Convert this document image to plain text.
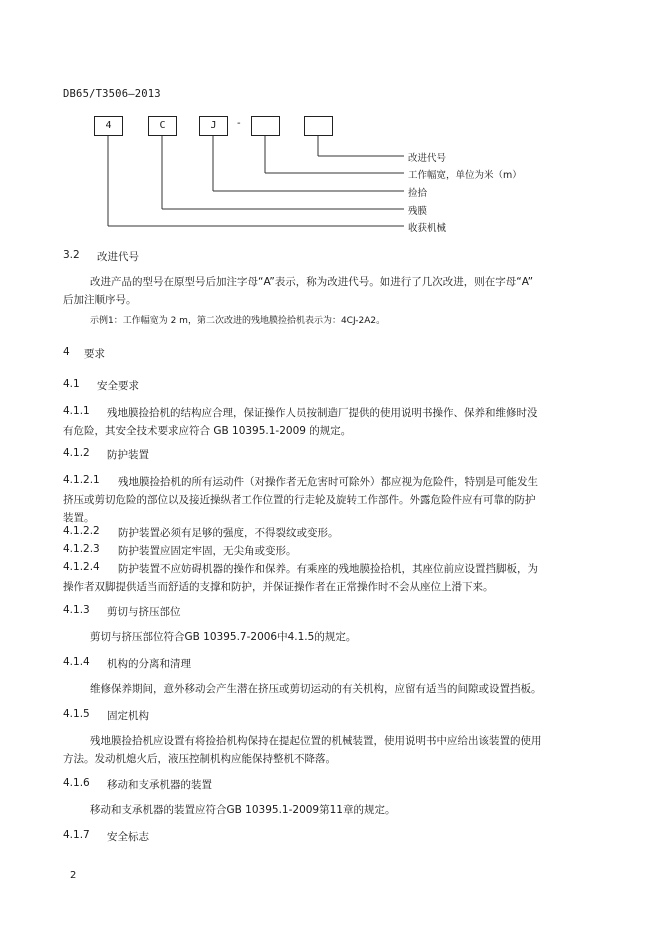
DB65/T3506—2013
4	C	J	-
改进代号
工作幅宽，单位为米（m）
捡拾
残膜
收获机械
3.2 改进代号
改进产品的型号在原型号后加注字母“A”表示，称为改进代号。如进行了几次改进，则在字母“A”
后加注顺序号。
示例1：工作幅宽为 2 m，第二次改进的残地膜捡拾机表示为：4CJ-2A2。
4 要求
4.1 安全要求
4.1.1 残地膜捡拾机的结构应合理，保证操作人员按制造厂提供的使用说明书操作、保养和维修时没
有危险，其安全技术要求应符合 GB 10395.1-2009 的规定。
4.1.2 防护装置
4.1.2.1 残地膜捡拾机的所有运动件（对操作者无危害时可除外）都应视为危险件，特别是可能发生
挤压或剪切危险的部位以及接近操纵者工作位置的行走轮及旋转工作部件。外露危险件应有可靠的防护
装置。
4.1.2.2 防护装置必须有足够的强度，不得裂纹或变形。
4.1.2.3 防护装置应固定牢固，无尖角或变形。
4.1.2.4 防护装置不应妨碍机器的操作和保养。有乘座的残地膜捡拾机，其座位前应设置挡脚板，为
操作者双脚提供适当而舒适的支撑和防护，并保证操作者在正常操作时不会从座位上滑下来。
4.1.3 剪切与挤压部位
剪切与挤压部位符合GB 10395.7-2006中4.1.5的规定。
4.1.4 机构的分离和清理
维修保养期间，意外移动会产生潜在挤压或剪切运动的有关机构，应留有适当的间隙或设置挡板。
4.1.5 固定机构
残地膜捡拾机应设置有将捡拾机构保持在提起位置的机械装置，使用说明书中应给出该装置的使用
方法。发动机熄火后，液压控制机构应能保持整机不降落。
4.1.6 移动和支承机器的装置
移动和支承机器的装置应符合GB 10395.1-2009第11章的规定。
4.1.7 安全标志
2
